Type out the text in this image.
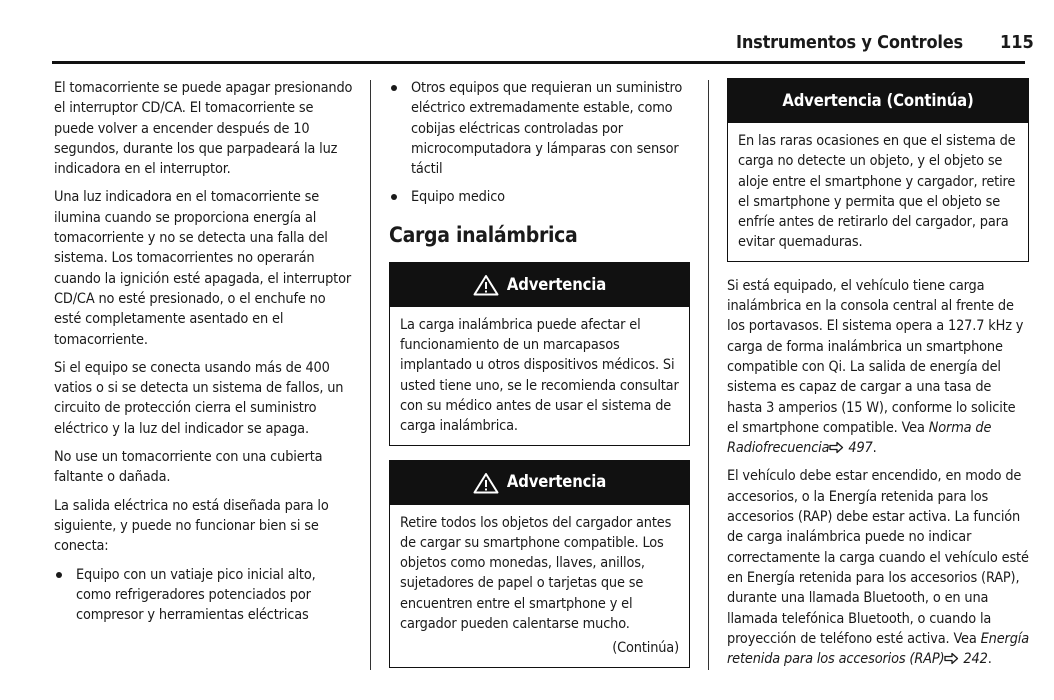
Instrumentos y Controles 115

El tomacorriente se puede apagar presionando el interruptor CD/CA. El tomacorriente se puede volver a encender después de 10 segundos, durante los que parpadeará la luz indicadora en el interruptor.

Una luz indicadora en el tomacorriente se ilumina cuando se proporciona energía al tomacorriente y no se detecta una falla del sistema. Los tomacorrientes no operarán cuando la ignición esté apagada, el interruptor CD/CA no esté presionado, o el enchufe no esté completamente asentado en el tomacorriente.

Si el equipo se conecta usando más de 400 vatios o si se detecta un sistema de fallos, un circuito de protección cierra el suministro eléctrico y la luz del indicador se apaga.

No use un tomacorriente con una cubierta faltante o dañada.

La salida eléctrica no está diseñada para lo siguiente, y puede no funcionar bien si se conecta:

Equipo con un vatiaje pico inicial alto, como refrigeradores potenciados por compresor y herramientas eléctricas
Otros equipos que requieran un suministro eléctrico extremadamente estable, como cobijas eléctricas controladas por microcomputadora y lámparas con sensor táctil
Equipo medico
Carga inalámbrica
Advertencia

La carga inalámbrica puede afectar el funcionamiento de un marcapasos implantado u otros dispositivos médicos. Si usted tiene uno, se le recomienda consultar con su médico antes de usar el sistema de carga inalámbrica.

Advertencia

Retire todos los objetos del cargador antes de cargar su smartphone compatible. Los objetos como monedas, llaves, anillos, sujetadores de papel o tarjetas que se encuentren entre el smartphone y el cargador pueden calentarse mucho.

(Continúa)
Advertencia (Continúa)

En las raras ocasiones en que el sistema de carga no detecte un objeto, y el objeto se aloje entre el smartphone y cargador, retire el smartphone y permita que el objeto se enfríe antes de retirarlo del cargador, para evitar quemaduras.

Si está equipado, el vehículo tiene carga inalámbrica en la consola central al frente de los portavasos. El sistema opera a 127.7 kHz y carga de forma inalámbrica un smartphone compatible con Qi. La salida de energía del sistema es capaz de cargar a una tasa de hasta 3 amperios (15 W), conforme lo solicite el smartphone compatible. Vea Norma de Radiofrecuencia 497.

El vehículo debe estar encendido, en modo de accesorios, o la Energía retenida para los accesorios (RAP) debe estar activa. La función de carga inalámbrica puede no indicar correctamente la carga cuando el vehículo esté en Energía retenida para los accesorios (RAP), durante una llamada Bluetooth, o en una llamada telefónica Bluetooth, o cuando la proyección de teléfono esté activa. Vea Energía retenida para los accesorios (RAP) 242.
